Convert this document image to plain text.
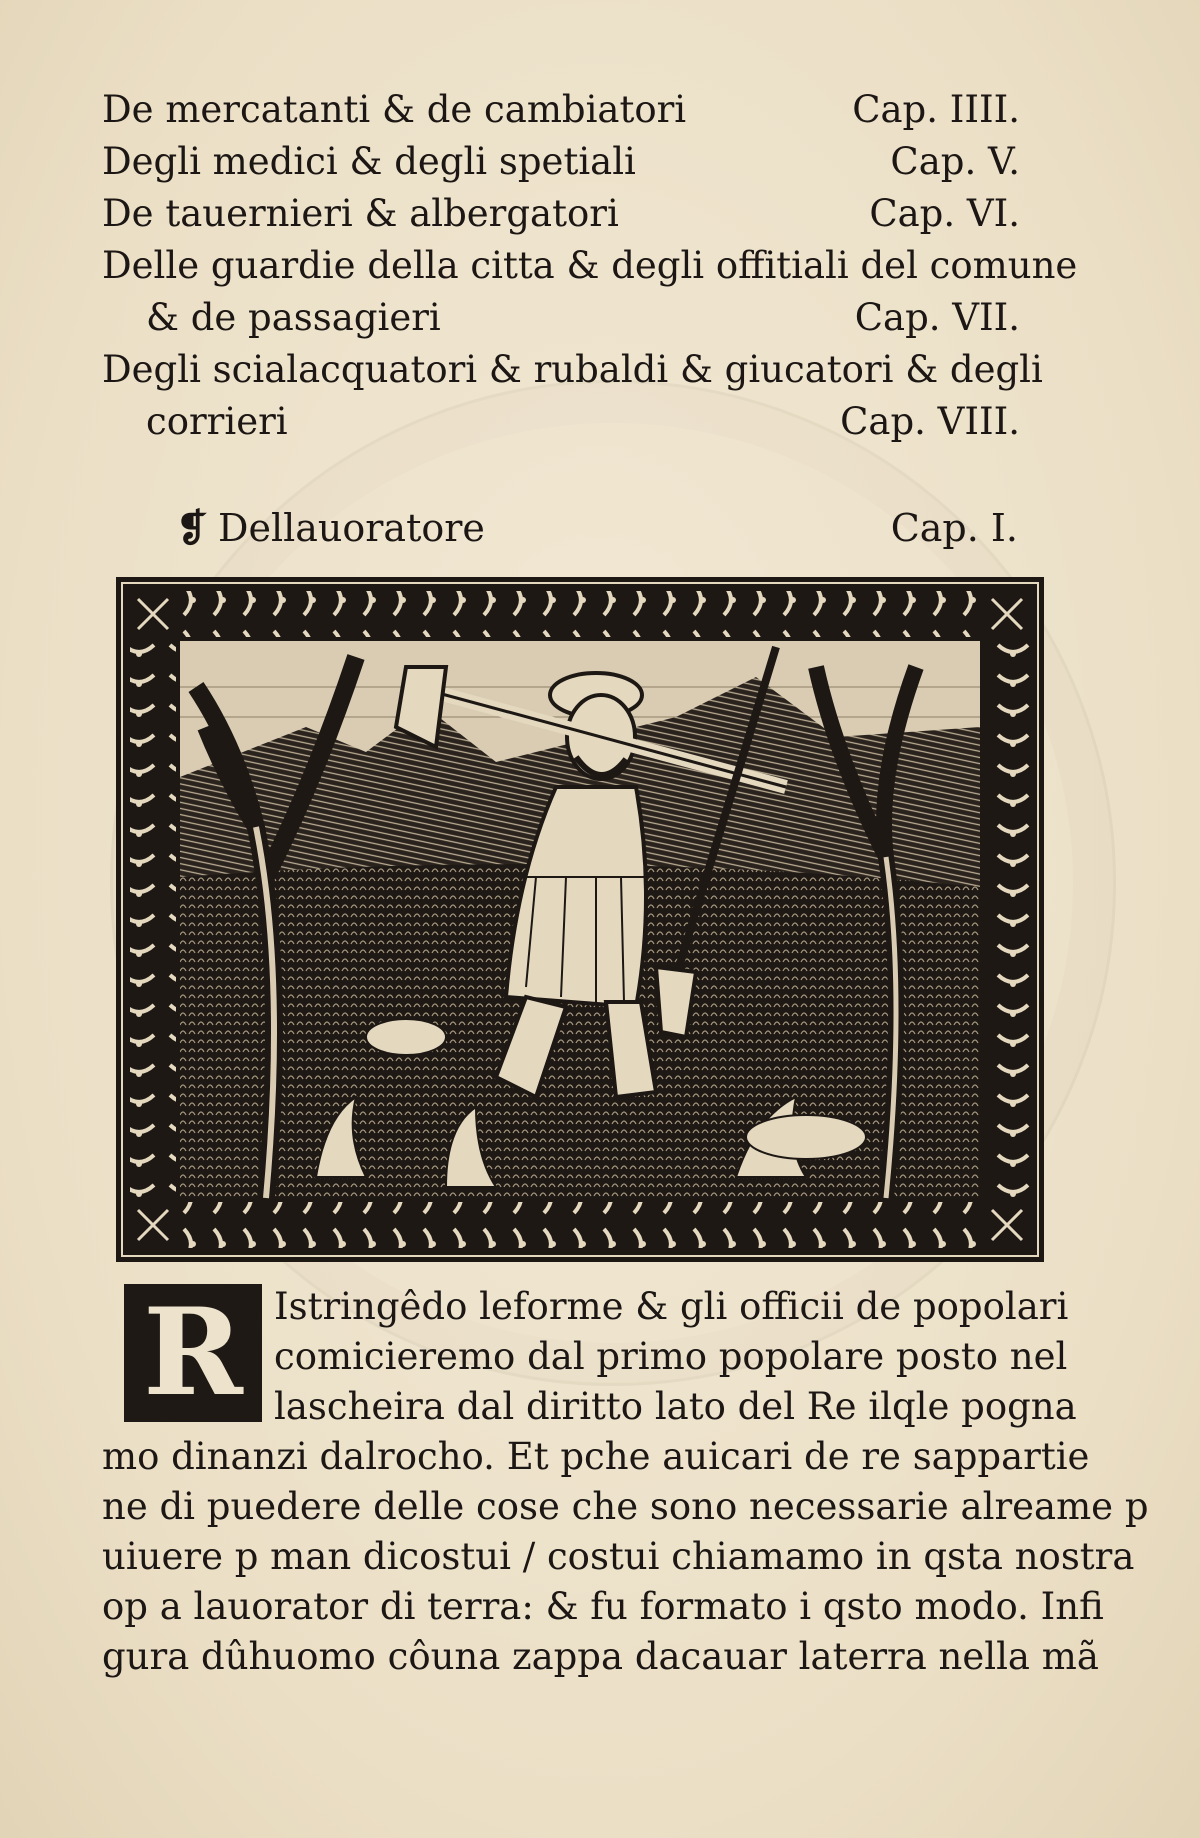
De mercatanti & de cambiatori	Cap. IIII.
Degli medici & degli spetiali	Cap. V.
De tauernieri & albergatori	Cap. VI.
Delle guardie della citta & degli offitiali del comune
& de passagieri	Cap. VII.
Degli scialacquatori & rubaldi & giucatori & degli
corrieri	Cap. VIII.
❡ Dellauoratore	Cap. I.
R Istringêdo leforme & gli officii de popolari
comicieremo dal primo popolare posto nel
lascheira dal diritto lato del Re ilqle pogna
mo dinanzi dalrocho. Et pche auicari de re sappartie
ne di puedere delle cose che sono necessarie alreame p
uiuere p man dicostui / costui chiamamo in qsta nostra
op a lauorator di terra: & fu formato i qsto modo. Infi
gura dûhuomo côuna zappa dacauar laterra nella mã
